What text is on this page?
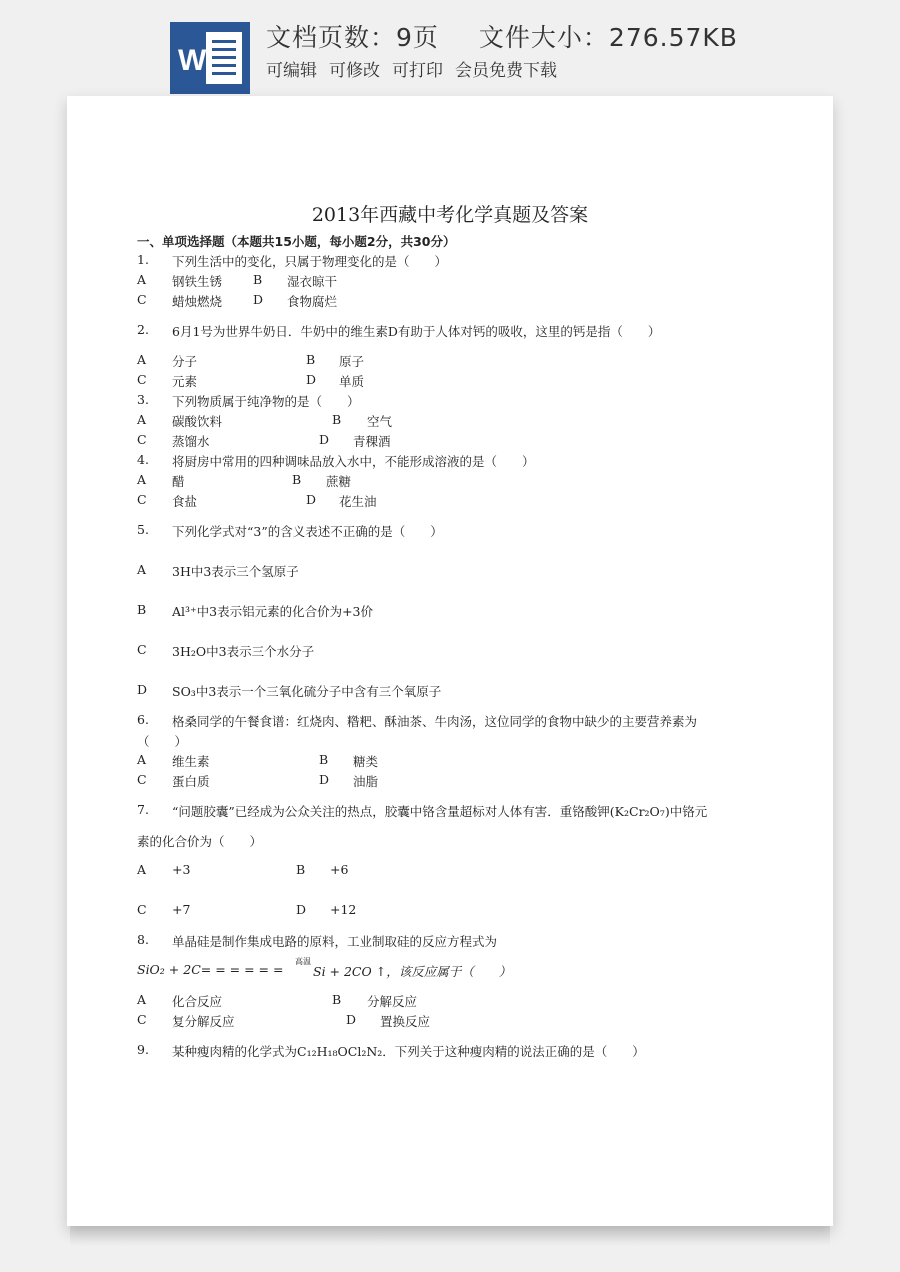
W
文档页数：9页 文件大小：276.57KB
可编辑 可修改 可打印 会员免费下载
2013年西藏中考化学真题及答案
一、单项选择题（本题共15小题，每小题2分，共30分）
1. 下列生活中的变化，只属于物理变化的是（　　）
A 钢铁生锈 B 湿衣晾干
C 蜡烛燃烧 D 食物腐烂
2. 6月1号为世界牛奶日．牛奶中的维生素D有助于人体对钙的吸收，这里的钙是指（　　）
A 分子	B 原子
C 元素	D 单质
3. 下列物质属于纯净物的是（　　）
A 碳酸饮料	B 空气
C 蒸馏水	D 青稞酒
4. 将厨房中常用的四种调味品放入水中，不能形成溶液的是（　　）
A 醋	B 蔗糖
C 食盐	D 花生油
5. 下列化学式对“3”的含义表述不正确的是（　　）
A 3H中3表示三个氢原子
B Al³⁺中3表示铝元素的化合价为+3价
C 3H₂O中3表示三个水分子
D SO₃中3表示一个三氧化硫分子中含有三个氧原子
6. 格桑同学的午餐食谱：红烧肉、糌粑、酥油茶、牛肉汤，这位同学的食物中缺少的主要营养素为
（　　）
A 维生素	B 糖类
C 蛋白质	D 油脂
7. “问题胶囊”已经成为公众关注的热点，胶囊中铬含量超标对人体有害．重铬酸钾(K₂Cr₂O₇)中铬元
素的化合价为（　　）
A +3	B +6
C +7	D +12
8. 单晶硅是制作集成电路的原料，工业制取硅的反应方程式为
SiO₂ + 2C= = = = = =
高温
Si + 2CO ↑，该反应属于（　　）
A 化合反应	B 分解反应
C 复分解反应	D 置换反应
9. 某种瘦肉精的化学式为C₁₂H₁₈OCl₂N₂．下列关于这种瘦肉精的说法正确的是（　　）
